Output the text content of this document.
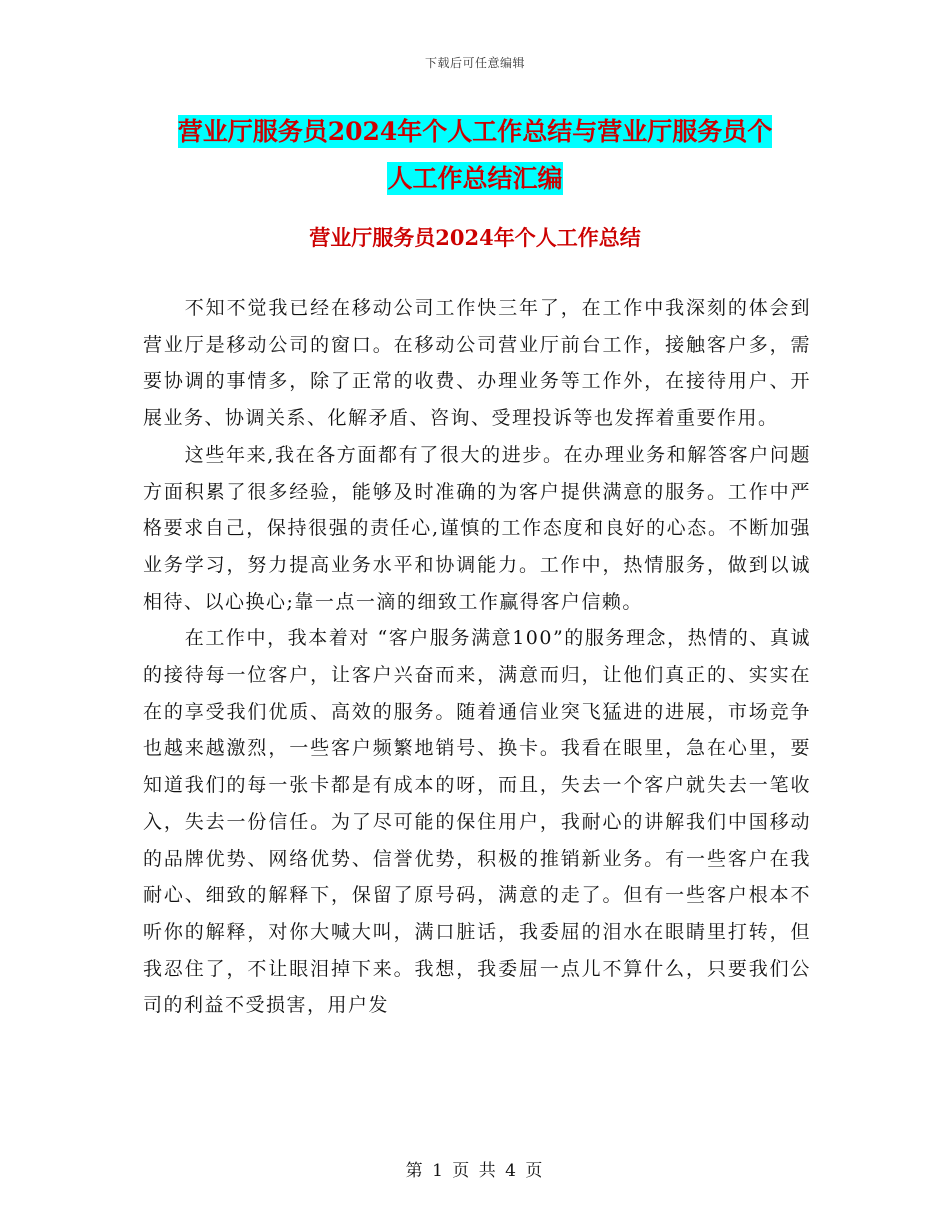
下载后可任意编辑
营业厅服务员2024年个人工作总结与营业厅服务员个
人工作总结汇编
营业厅服务员2024年个人工作总结

不知不觉我已经在移动公司工作快三年了，在工作中我深刻的体会到营业厅是移动公司的窗口。在移动公司营业厅前台工作，接触客户多，需要协调的事情多，除了正常的收费、办理业务等工作外，在接待用户、开展业务、协调关系、化解矛盾、咨询、受理投诉等也发挥着重要作用。

这些年来,我在各方面都有了很大的进步。在办理业务和解答客户问题方面积累了很多经验，能够及时准确的为客户提供满意的服务。工作中严格要求自己，保持很强的责任心,谨慎的工作态度和良好的心态。不断加强业务学习，努力提高业务水平和协调能力。工作中，热情服务，做到以诚相待、以心换心;靠一点一滴的细致工作赢得客户信赖。

在工作中，我本着对 “客户服务满意100”的服务理念，热情的、真诚的接待每一位客户，让客户兴奋而来，满意而归，让他们真正的、实实在在的享受我们优质、高效的服务。随着通信业突飞猛进的进展，市场竞争也越来越激烈，一些客户频繁地销号、换卡。我看在眼里，急在心里，要知道我们的每一张卡都是有成本的呀，而且，失去一个客户就失去一笔收入，失去一份信任。为了尽可能的保住用户，我耐心的讲解我们中国移动的品牌优势、网络优势、信誉优势，积极的推销新业务。有一些客户在我耐心、细致的解释下，保留了原号码，满意的走了。但有一些客户根本不听你的解释，对你大喊大叫，满口脏话，我委屈的泪水在眼睛里打转，但我忍住了，不让眼泪掉下来。我想，我委屈一点儿不算什么，只要我们公司的利益不受损害，用户发

第 1 页 共 4 页
